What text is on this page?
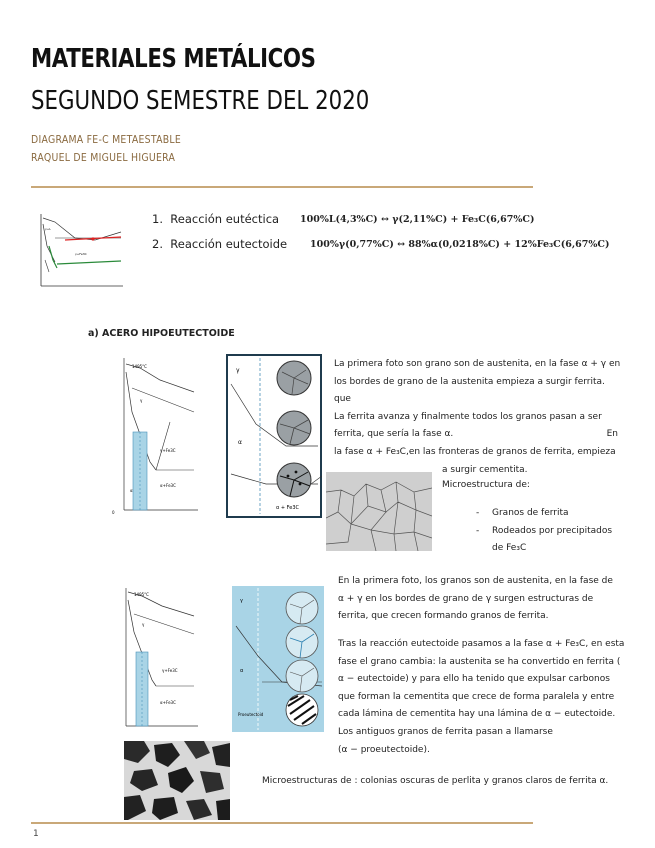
MATERIALES METÁLICOS
SEGUNDO SEMESTRE DEL 2020
DIAGRAMA FE-C METAESTABLE
RAQUEL DE MIGUEL HIGUERA
γ+L
γ+Fe3C
1. Reacción eutéctica 100%L(4,3%C) ↔ γ(2,11%C) + Fe₃C(6,67%C)
2. Reacción eutectoide 100%γ(0,77%C) ↔ 88%α(0,0218%C) + 12%Fe₃C(6,67%C)
a) ACERO HIPOEUTECTOIDE
1495°C
γ
γ+Fe3C
α
α+Fe3C
0
γ
α
α + Fe3C
La primera foto son grano son de austenita, en la fase α + γ en
los bordes de grano de la austenita empieza a surgir ferrita. que
La ferrita avanza y finalmente todos los granos pasan a ser
ferrita, que sería la fase α.	En
la fase α + Fe₃C,en las fronteras de granos de ferrita, empieza
a surgir cementita.
Microestructura de:
- Granos de ferrita
- Rodeados por precipitados
de Fe₃C
1495°C
γ
γ+Fe3C
α+Fe3C
γ
α
Proeutectoid
En la primera foto, los granos son de austenita, en la fase de
α + γ en los bordes de grano de γ surgen estructuras de
ferrita, que crecen formando granos de ferrita.
Tras la reacción eutectoide pasamos a la fase α + Fe₃C, en esta
fase el grano cambia: la austenita se ha convertido en ferrita (
α − eutectoide) y para ello ha tenido que expulsar carbonos
que forman la cementita que crece de forma paralela y entre
cada lámina de cementita hay una lámina de α − eutectoide.
Los antiguos granos de ferrita pasan a llamarse
(α − proeutectoide).
Microestructuras de : colonias oscuras de perlita y granos claros de ferrita α.
1
